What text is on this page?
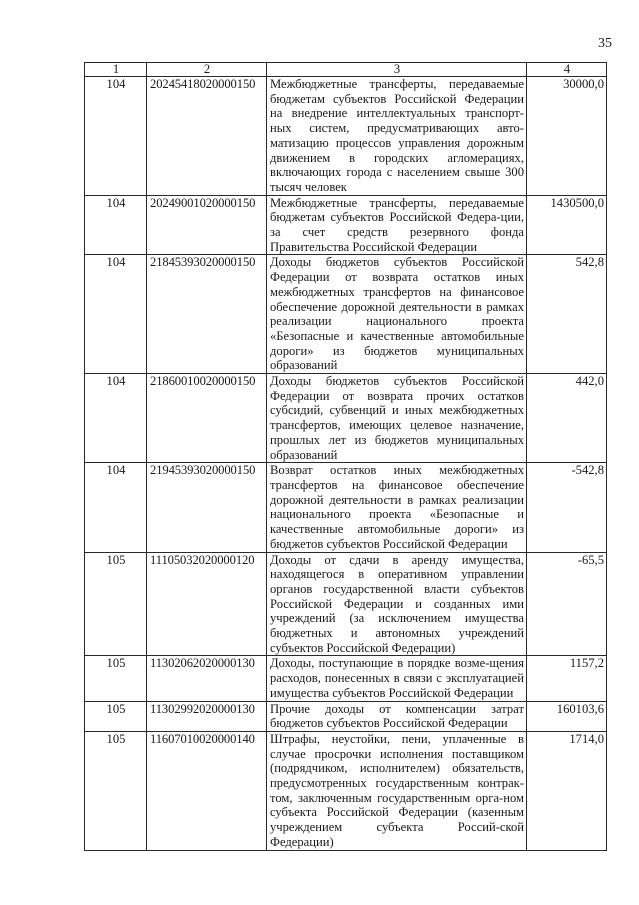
35
1	2	3	4
104	20245418020000150	Межбюджетные трансферты, передаваемые бюджетам субъектов Российской Федерации на внедрение интеллектуальных транспорт-ных систем, предусматривающих авто-матизацию процессов управления дорожным движением в городских агломерациях, включающих города с населением свыше 300 тысяч человек	30000,0
104	20249001020000150	Межбюджетные трансферты, передаваемые бюджетам субъектов Российской Федера-ции, за счет средств резервного фонда Правительства Российской Федерации	1430500,0
104	21845393020000150	Доходы бюджетов субъектов Российской Федерации от возврата остатков иных межбюджетных трансфертов на финансовое обеспечение дорожной деятельности в рамках реализации национального проекта «Безопасные и качественные автомобильные дороги» из бюджетов муниципальных образований	542,8
104	21860010020000150	Доходы бюджетов субъектов Российской Федерации от возврата прочих остатков субсидий, субвенций и иных межбюджетных трансфертов, имеющих целевое назначение, прошлых лет из бюджетов муниципальных образований	442,0
104	21945393020000150	Возврат остатков иных межбюджетных трансфертов на финансовое обеспечение дорожной деятельности в рамках реализации национального проекта «Безопасные и качественные автомобильные дороги» из бюджетов субъектов Российской Федерации	-542,8
105	11105032020000120	Доходы от сдачи в аренду имущества, находящегося в оперативном управлении органов государственной власти субъектов Российской Федерации и созданных ими учреждений (за исключением имущества бюджетных и автономных учреждений субъектов Российской Федерации)	-65,5
105	11302062020000130	Доходы, поступающие в порядке возме-щения расходов, понесенных в связи с эксплуатацией имущества субъектов Российской Федерации	1157,2
105	11302992020000130	Прочие доходы от компенсации затрат бюджетов субъектов Российской Федерации	160103,6
105	11607010020000140	Штрафы, неустойки, пени, уплаченные в случае просрочки исполнения поставщиком (подрядчиком, исполнителем) обязательств, предусмотренных государственным контрак-том, заключенным государственным орга-ном субъекта Российской Федерации (казенным учреждением субъекта Россий-ской Федерации)	1714,0
